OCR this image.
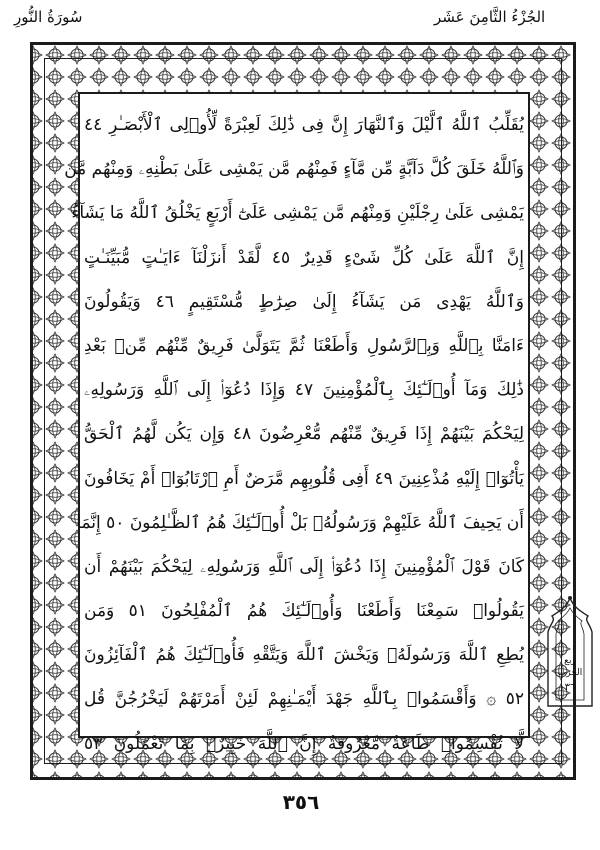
سُورَةُ النُّورِ	الجُزْءُ الثَّامِنَ عَشَر
يُقَلِّبُ ٱللَّهُ ٱلَّيْلَ وَٱلنَّهَارَ إِنَّ فِى ذَٰلِكَ لَعِبْرَةً لِّأُو۟لِى ٱلْأَبْصَـٰرِ ٤٤
وَٱللَّهُ خَلَقَ كُلَّ دَآبَّةٍ مِّن مَّآءٍ فَمِنْهُم مَّن يَمْشِى عَلَىٰ بَطْنِهِۦ وَمِنْهُم مَّن
يَمْشِى عَلَىٰ رِجْلَيْنِ وَمِنْهُم مَّن يَمْشِى عَلَىٰٓ أَرْبَعٍ يَخْلُقُ ٱللَّهُ مَا يَشَآءُ
إِنَّ ٱللَّهَ عَلَىٰ كُلِّ شَىْءٍ قَدِيرٌ ٤٥ لَّقَدْ أَنزَلْنَآ ءَايَـٰتٍ مُّبَيِّنَـٰتٍ
وَٱللَّهُ يَهْدِى مَن يَشَآءُ إِلَىٰ صِرَٰطٍ مُّسْتَقِيمٍ ٤٦ وَيَقُولُونَ
ءَامَنَّا بِٱللَّهِ وَبِٱلرَّسُولِ وَأَطَعْنَا ثُمَّ يَتَوَلَّىٰ فَرِيقٌ مِّنْهُم مِّنۢ بَعْدِ
ذَٰلِكَ وَمَآ أُو۟لَـٰٓئِكَ بِٱلْمُؤْمِنِينَ ٤٧ وَإِذَا دُعُوٓا۟ إِلَى ٱللَّهِ وَرَسُولِهِۦ
لِيَحْكُمَ بَيْنَهُمْ إِذَا فَرِيقٌ مِّنْهُم مُّعْرِضُونَ ٤٨ وَإِن يَكُن لَّهُمُ ٱلْحَقُّ
يَأْتُوٓا۟ إِلَيْهِ مُذْعِنِينَ ٤٩ أَفِى قُلُوبِهِم مَّرَضٌ أَمِ ٱرْتَابُوٓا۟ أَمْ يَخَافُونَ
أَن يَحِيفَ ٱللَّهُ عَلَيْهِمْ وَرَسُولُهُۥ بَلْ أُو۟لَـٰٓئِكَ هُمُ ٱلظَّـٰلِمُونَ ٥٠ إِنَّمَا
كَانَ قَوْلَ ٱلْمُؤْمِنِينَ إِذَا دُعُوٓا۟ إِلَى ٱللَّهِ وَرَسُولِهِۦ لِيَحْكُمَ بَيْنَهُمْ أَن
يَقُولُوا۟ سَمِعْنَا وَأَطَعْنَا وَأُو۟لَـٰٓئِكَ هُمُ ٱلْمُفْلِحُونَ ٥١ وَمَن
يُطِعِ ٱللَّهَ وَرَسُولَهُۥ وَيَخْشَ ٱللَّهَ وَيَتَّقْهِ فَأُو۟لَـٰٓئِكَ هُمُ ٱلْفَآئِزُونَ
٥٢ ۞ وَأَقْسَمُوا۟ بِٱللَّهِ جَهْدَ أَيْمَـٰنِهِمْ لَئِنْ أَمَرْتَهُمْ لَيَخْرُجُنَّ قُل
لَّا تُقْسِمُوا۟ طَاعَةٌ مَّعْرُوفَةٌ إِنَّ ٱللَّهَ خَبِيرٌۢ بِمَا تَعْمَلُونَ ٥٣
ربع
الحزب
٣٦
٣٥٦
